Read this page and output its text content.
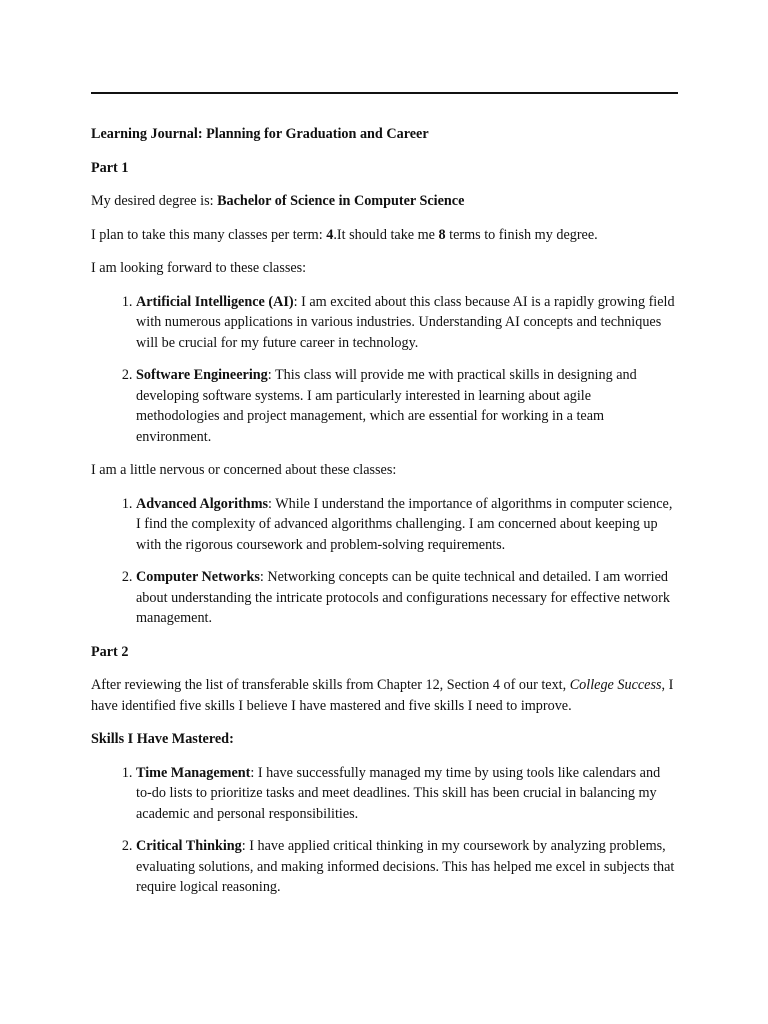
Learning Journal: Planning for Graduation and Career

Part 1

My desired degree is: Bachelor of Science in Computer Science

I plan to take this many classes per term: 4.It should take me 8 terms to finish my degree.

I am looking forward to these classes:

1. Artificial Intelligence (AI): I am excited about this class because AI is a rapidly growing field with numerous applications in various industries. Understanding AI concepts and techniques will be crucial for my future career in technology.
2. Software Engineering: This class will provide me with practical skills in designing and developing software systems. I am particularly interested in learning about agile methodologies and project management, which are essential for working in a team environment.

I am a little nervous or concerned about these classes:

1. Advanced Algorithms: While I understand the importance of algorithms in computer science, I find the complexity of advanced algorithms challenging. I am concerned about keeping up with the rigorous coursework and problem-solving requirements.
2. Computer Networks: Networking concepts can be quite technical and detailed. I am worried about understanding the intricate protocols and configurations necessary for effective network management.

Part 2

After reviewing the list of transferable skills from Chapter 12, Section 4 of our text, College Success, I have identified five skills I believe I have mastered and five skills I need to improve.

Skills I Have Mastered:

1. Time Management: I have successfully managed my time by using tools like calendars and to-do lists to prioritize tasks and meet deadlines. This skill has been crucial in balancing my academic and personal responsibilities.
2. Critical Thinking: I have applied critical thinking in my coursework by analyzing problems, evaluating solutions, and making informed decisions. This has helped me excel in subjects that require logical reasoning.
